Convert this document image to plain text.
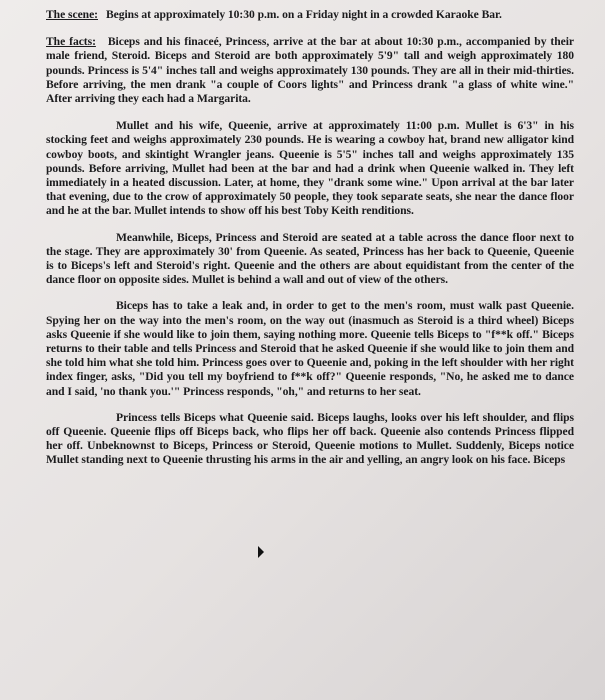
The scene: Begins at approximately 10:30 p.m. on a Friday night in a crowded Karaoke Bar.

The facts: Biceps and his finaceé, Princess, arrive at the bar at about 10:30 p.m., accompanied by their male friend, Steroid. Biceps and Steroid are both approximately 5'9" tall and weigh approximately 180 pounds. Princess is 5'4" inches tall and weighs approximately 130 pounds. They are all in their mid-thirties. Before arriving, the men drank "a couple of Coors lights" and Princess drank "a glass of white wine." After arriving they each had a Margarita.

Mullet and his wife, Queenie, arrive at approximately 11:00 p.m. Mullet is 6'3" in his stocking feet and weighs approximately 230 pounds. He is wearing a cowboy hat, brand new alligator kind cowboy boots, and skintight Wrangler jeans. Queenie is 5'5" inches tall and weighs approximately 135 pounds. Before arriving, Mullet had been at the bar and had a drink when Queenie walked in. They left immediately in a heated discussion. Later, at home, they "drank some wine." Upon arrival at the bar later that evening, due to the crow of approximately 50 people, they took separate seats, she near the dance floor and he at the bar. Mullet intends to show off his best Toby Keith renditions.

Meanwhile, Biceps, Princess and Steroid are seated at a table across the dance floor next to the stage. They are approximately 30' from Queenie. As seated, Princess has her back to Queenie, Queenie is to Biceps's left and Steroid's right. Queenie and the others are about equidistant from the center of the dance floor on opposite sides. Mullet is behind a wall and out of view of the others.

Biceps has to take a leak and, in order to get to the men's room, must walk past Queenie. Spying her on the way into the men's room, on the way out (inasmuch as Steroid is a third wheel) Biceps asks Queenie if she would like to join them, saying nothing more. Queenie tells Biceps to "f**k off." Biceps returns to their table and tells Princess and Steroid that he asked Queenie if she would like to join them and she told him what she told him. Princess goes over to Queenie and, poking in the left shoulder with her right index finger, asks, "Did you tell my boyfriend to f**k off?" Queenie responds, "No, he asked me to dance and I said, 'no thank you.'" Princess responds, "oh," and returns to her seat.

Princess tells Biceps what Queenie said. Biceps laughs, looks over his left shoulder, and flips off Queenie. Queenie flips off Biceps back, who flips her off back. Queenie also contends Princess flipped her off. Unbeknownst to Biceps, Princess or Steroid, Queenie motions to Mullet. Suddenly, Biceps notice Mullet standing next to Queenie thrusting his arms in the air and yelling, an angry look on his face. Biceps
